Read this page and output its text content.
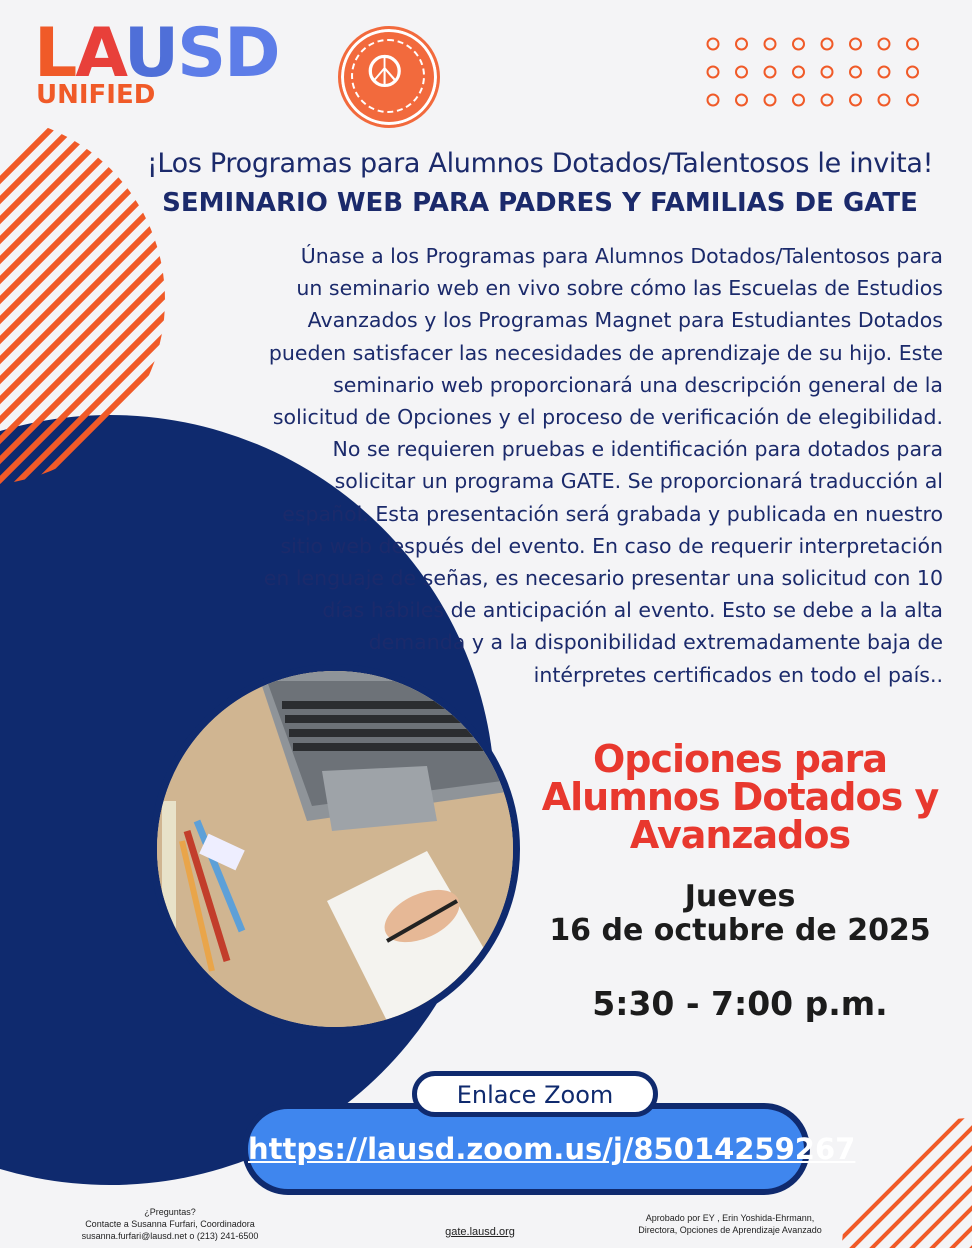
LAUSD
UNIFIED	☮
¡Los Programas para Alumnos Dotados/Talentosos le invita!
SEMINARIO WEB PARA PADRES Y FAMILIAS DE GATE
Únase a los Programas para Alumnos Dotados/Talentosos para
un seminario web en vivo sobre cómo las Escuelas de Estudios
Avanzados y los Programas Magnet para Estudiantes Dotados
pueden satisfacer las necesidades de aprendizaje de su hijo. Este
seminario web proporcionará una descripción general de la
solicitud de Opciones y el proceso de verificación de elegibilidad.
No se requieren pruebas e identificación para dotados para
solicitar un programa GATE. Se proporcionará traducción al
español. Esta presentación será grabada y publicada en nuestro
sitio web después del evento. En caso de requerir interpretación
en lenguaje de señas, es necesario presentar una solicitud con 10
días hábiles de anticipación al evento. Esto se debe a la alta
demanda y a la disponibilidad extremadamente baja de
intérpretes certificados en todo el país..
Opciones para
Alumnos Dotados y
Avanzados
Jueves
16 de octubre de 2025
5:30 - 7:00 p.m.
https://lausd.zoom.us/j/85014259267
Enlace Zoom
¿Preguntas?
Contacte a Susanna Furfari, Coordinadora
susanna.furfari@lausd.net o (213) 241-6500	gate.lausd.org
Aprobado por EY , Erin Yoshida-Ehrmann,
Directora, Opciones de Aprendizaje Avanzado
